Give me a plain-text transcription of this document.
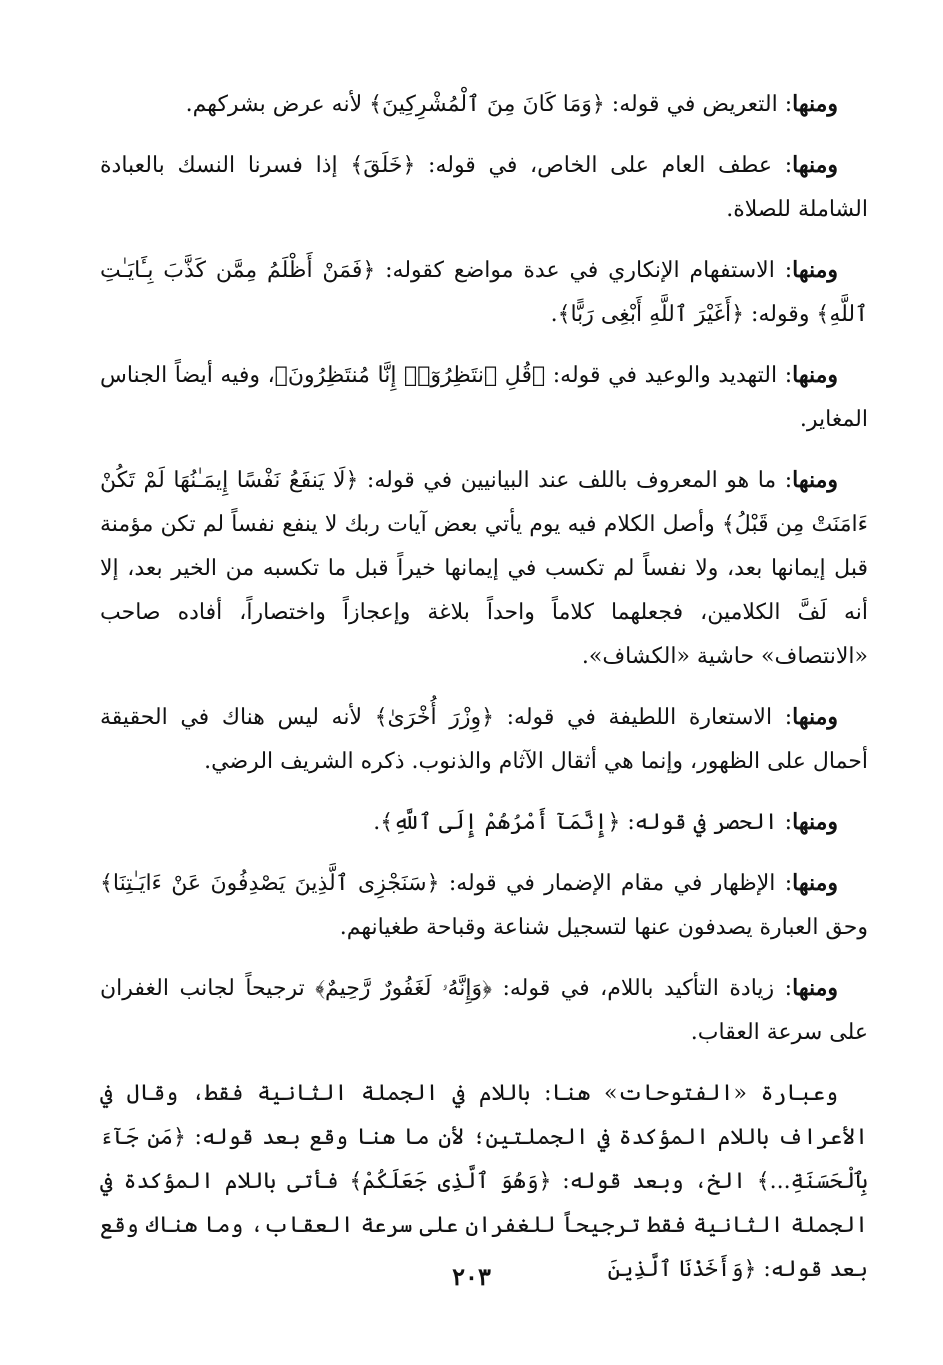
ومنها: التعريض في قوله: ﴿وَمَا كَانَ مِنَ ٱلْمُشْرِكِينَ﴾ لأنه عرض بشركهم.

ومنها: عطف العام على الخاص، في قوله: ﴿خَلَقَ﴾ إذا فسرنا النسك بالعبادة الشاملة للصلاة.

ومنها: الاستفهام الإنكاري في عدة مواضع كقوله: ﴿فَمَنْ أَظْلَمُ مِمَّن كَذَّبَ بِـَٔايَـٰتِ ٱللَّهِ﴾ وقوله: ﴿أَغَيْرَ ٱللَّهِ أَبْغِى رَبًّا﴾.

ومنها: التهديد والوعيد في قوله: ﴿قُلِ ٱنتَظِرُوٓا۟ إِنَّا مُنتَظِرُونَ﴾، وفيه أيضاً الجناس المغاير.

ومنها: ما هو المعروف باللف عند البيانيين في قوله: ﴿لَا يَنفَعُ نَفْسًا إِيمَـٰنُهَا لَمْ تَكُنْ ءَامَنَتْ مِن قَبْلُ﴾ وأصل الكلام فيه يوم يأتي بعض آيات ربك لا ينفع نفساً لم تكن مؤمنة قبل إيمانها بعد، ولا نفساً لم تكسب في إيمانها خيراً قبل ما تكسبه من الخير بعد، إلا أنه لَفَّ الكلامين، فجعلهما كلاماً واحداً بلاغة وإعجازاً واختصاراً، أفاده صاحب «الانتصاف» حاشية «الكشاف».

ومنها: الاستعارة اللطيفة في قوله: ﴿وِزْرَ أُخْرَىٰ﴾ لأنه ليس هناك في الحقيقة أحمال على الظهور، وإنما هي أثقال الآثام والذنوب. ذكره الشريف الرضي.

ومنها: الحصر في قوله: ﴿إِنَّمَآ أَمْرُهُمْ إِلَى ٱللَّهِ﴾.

ومنها: الإظهار في مقام الإضمار في قوله: ﴿سَنَجْزِى ٱلَّذِينَ يَصْدِفُونَ عَنْ ءَايَـٰتِنَا﴾ وحق العبارة يصدفون عنها لتسجيل شناعة وقباحة طغيانهم.

ومنها: زيادة التأكيد باللام، في قوله: ﴿وَإِنَّهُۥ لَغَفُورٌ رَّحِيمٌ﴾ ترجيحاً لجانب الغفران على سرعة العقاب.

وعبارة «الفتوحات» هنا: باللام في الجملة الثانية فقط، وقال في الأعراف باللام المؤكدة في الجملتين؛ لأن ما هنا وقع بعد قوله: ﴿مَن جَآءَ بِٱلْحَسَنَةِ...﴾ الخ، وبعد قوله: ﴿وَهُوَ ٱلَّذِى جَعَلَكُمْ﴾ فأتى باللام المؤكدة في الجملة الثانية فقط ترجيحاً للغفران على سرعة العقاب، وما هناك وقع بعد قوله: ﴿وَأَخَذْنَا ٱلَّذِينَ

٢٠٣
